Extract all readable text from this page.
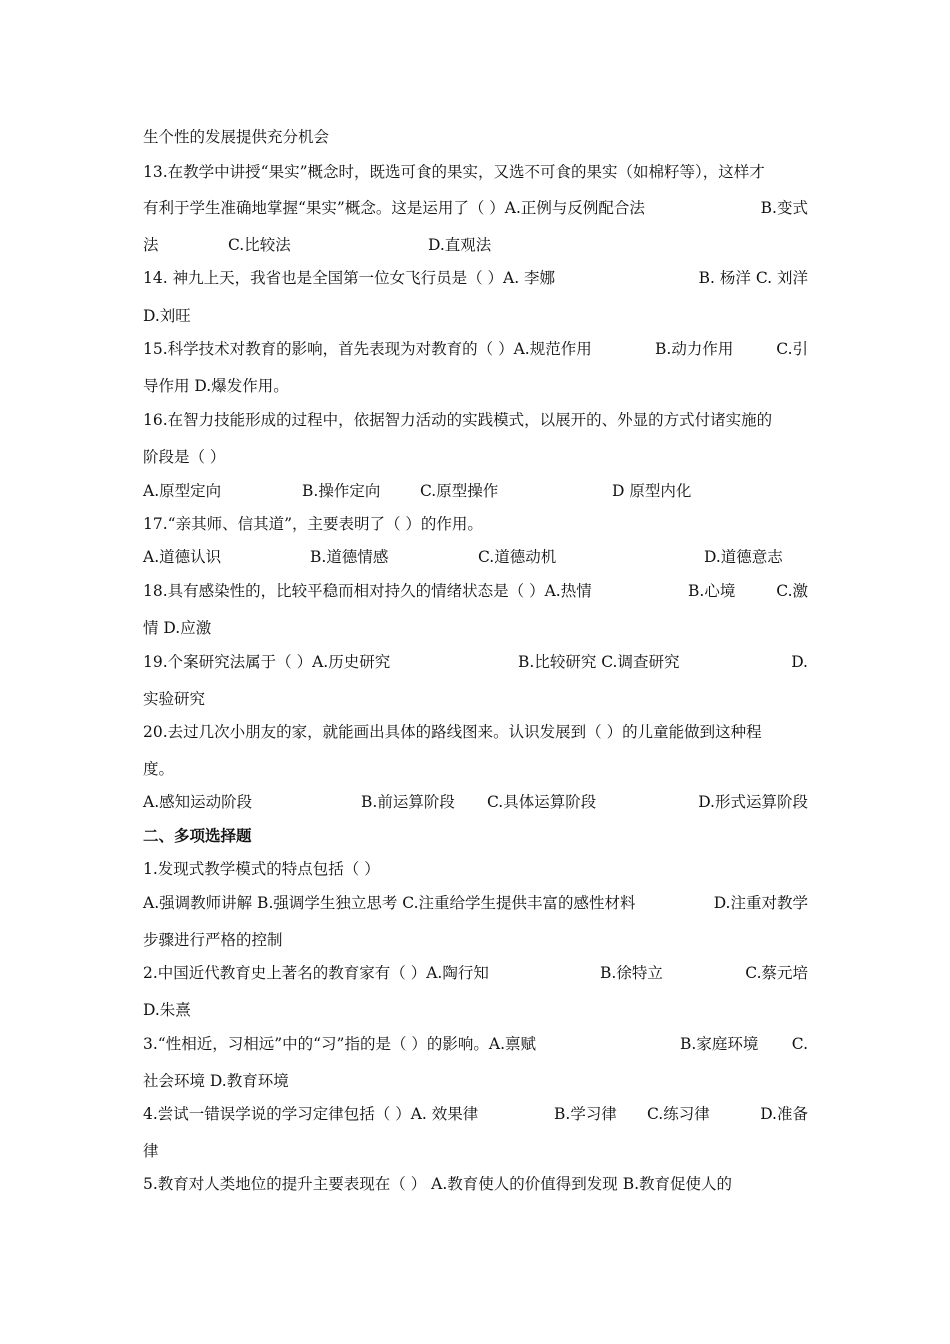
生个性的发展提供充分机会
13.在教学中讲授“果实”概念时，既选可食的果实，又选不可食的果实（如棉籽等），这样才
有利于学生准确地掌握“果实”概念。这是运用了（ ）A.正例与反例配合法	B.变式
法	C.比较法	D.直观法
14. 神九上天，我省也是全国第一位女飞行员是（ ）A. 李娜	B. 杨洋 C. 刘洋
D.刘旺
15.科学技术对教育的影响，首先表现为对教育的（ ）A.规范作用	B.动力作用	C.引
导作用 D.爆发作用。
16.在智力技能形成的过程中，依据智力活动的实践模式，以展开的、外显的方式付诸实施的
阶段是（ ）
A.原型定向	B.操作定向	C.原型操作	D 原型内化
17.“亲其师、信其道”，主要表明了（ ）的作用。
A.道德认识	B.道德情感	C.道德动机	D.道德意志
18.具有感染性的，比较平稳而相对持久的情绪状态是（ ）A.热情	B.心境	C.激
情 D.应激
19.个案研究法属于（ ）A.历史研究	B.比较研究 C.调查研究	D.
实验研究
20.去过几次小朋友的家，就能画出具体的路线图来。认识发展到（ ）的儿童能做到这种程
度。
A.感知运动阶段	B.前运算阶段 C.具体运算阶段	D.形式运算阶段
二、多项选择题
1.发现式教学模式的特点包括（ ）
A.强调教师讲解 B.强调学生独立思考 C.注重给学生提供丰富的感性材料	D.注重对教学
步骤进行严格的控制
2.中国近代教育史上著名的教育家有（ ）A.陶行知	B.徐特立	C.蔡元培
D.朱熹
3.“性相近，习相远”中的“习”指的是（ ）的影响。A.禀赋	B.家庭环境 C.
社会环境 D.教育环境
4.尝试一错误学说的学习定律包括（ ）A. 效果律	B.学习律 C.练习律	D.准备
律
5.教育对人类地位的提升主要表现在（ ） A.教育使人的价值得到发现 B.教育促使人的
